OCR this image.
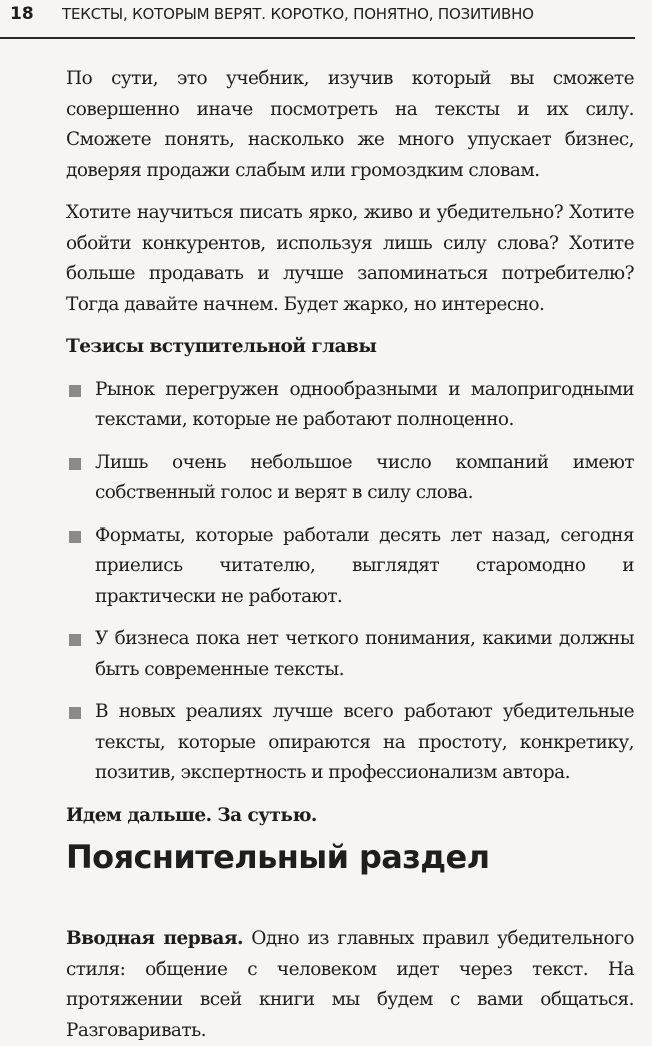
18 ТЕКСТЫ, КОТОРЫМ ВЕРЯТ. КОРОТКО, ПОНЯТНО, ПОЗИТИВНО

По сути, это учебник, изучив который вы сможете совершенно иначе посмотреть на тексты и их силу. Сможете понять, насколько же много упускает бизнес, доверяя продажи слабым или громоздким словам.

Хотите научиться писать ярко, живо и убедительно? Хотите обойти конкурентов, используя лишь силу слова? Хотите больше продавать и лучше запоминаться потребителю? Тогда давайте начнем. Будет жарко, но интересно.

Тезисы вступительной главы

Рынок перегружен однообразными и малопригодными текстами, которые не работают полноценно.
Лишь очень небольшое число компаний имеют собственный голос и верят в силу слова.
Форматы, которые работали десять лет назад, сегодня приелись читателю, выглядят старомодно и практически не работают.
У бизнеса пока нет четкого понимания, какими должны быть современные тексты.
В новых реалиях лучше всего работают убедительные тексты, которые опираются на простоту, конкретику, позитив, экспертность и профессионализм автора.

Идем дальше. За сутью.

Пояснительный раздел

Вводная первая. Одно из главных правил убедительного стиля: общение с человеком идет через текст. На протяжении всей книги мы будем с вами общаться. Разговаривать.
